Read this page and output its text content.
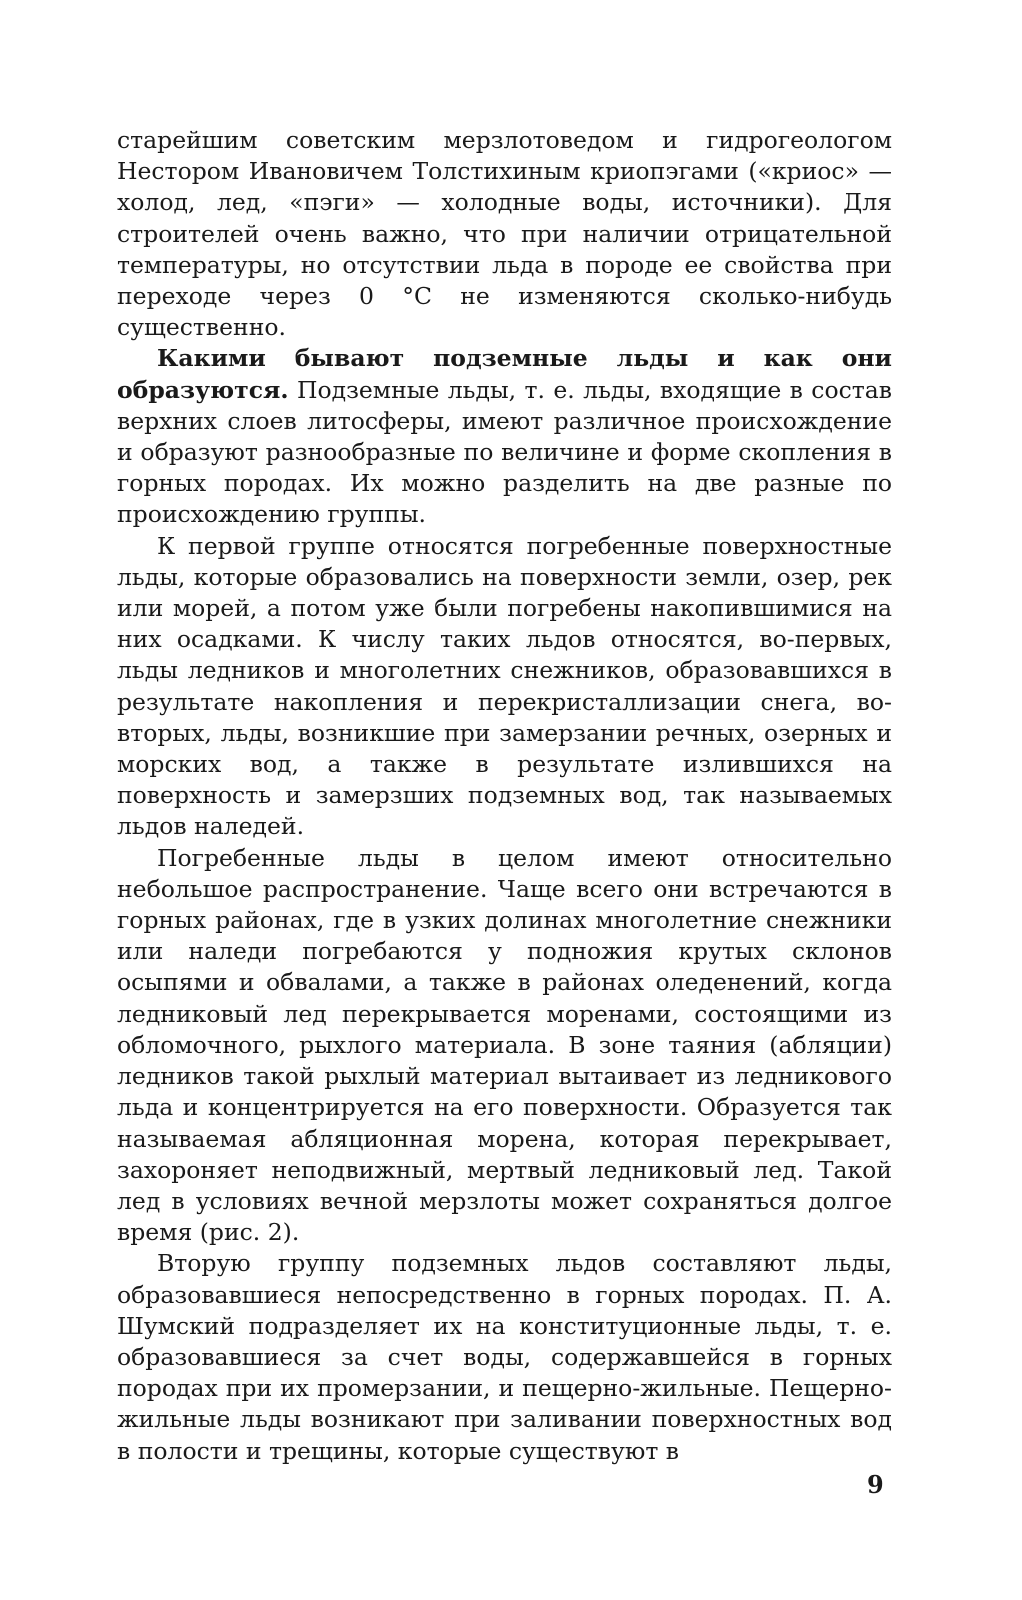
старейшим советским мерзлотоведом и гидрогеологом Нестором Ивановичем Толстихиным криопэгами («криос» — холод, лед, «пэги» — холодные воды, источники). Для строителей очень важно, что при наличии отрицательной температуры, но отсутствии льда в породе ее свойства при переходе через 0 °С не изменяются сколько-нибудь существенно.

Какими бывают подземные льды и как они образуются. Подземные льды, т. е. льды, входящие в состав верхних слоев литосферы, имеют различное происхождение и образуют разнообразные по величине и форме скопления в горных породах. Их можно разделить на две разные по происхождению группы.

К первой группе относятся погребенные поверхностные льды, которые образовались на поверхности земли, озер, рек или морей, а потом уже были погребены накопившимися на них осадками. К числу таких льдов относятся, во-первых, льды ледников и многолетних снежников, образовавшихся в результате накопления и перекристаллизации снега, во-вторых, льды, возникшие при замерзании речных, озерных и морских вод, а также в результате излившихся на поверхность и замерзших подземных вод, так называемых льдов наледей.

Погребенные льды в целом имеют относительно небольшое распространение. Чаще всего они встречаются в горных районах, где в узких долинах многолетние снежники или наледи погребаются у подножия крутых склонов осыпями и обвалами, а также в районах оледенений, когда ледниковый лед перекрывается моренами, состоящими из обломочного, рыхлого материала. В зоне таяния (абляции) ледников такой рыхлый материал вытаивает из ледникового льда и концентрируется на его поверхности. Образуется так называемая абляционная морена, которая перекрывает, захороняет неподвижный, мертвый ледниковый лед. Такой лед в условиях вечной мерзлоты может сохраняться долгое время (рис. 2).

Вторую группу подземных льдов составляют льды, образовавшиеся непосредственно в горных породах. П. А. Шумский подразделяет их на конституционные льды, т. е. образовавшиеся за счет воды, содержавшейся в горных породах при их промерзании, и пещерно-жильные. Пещерно-жильные льды возникают при заливании поверхностных вод в полости и трещины, которые существуют в

9
